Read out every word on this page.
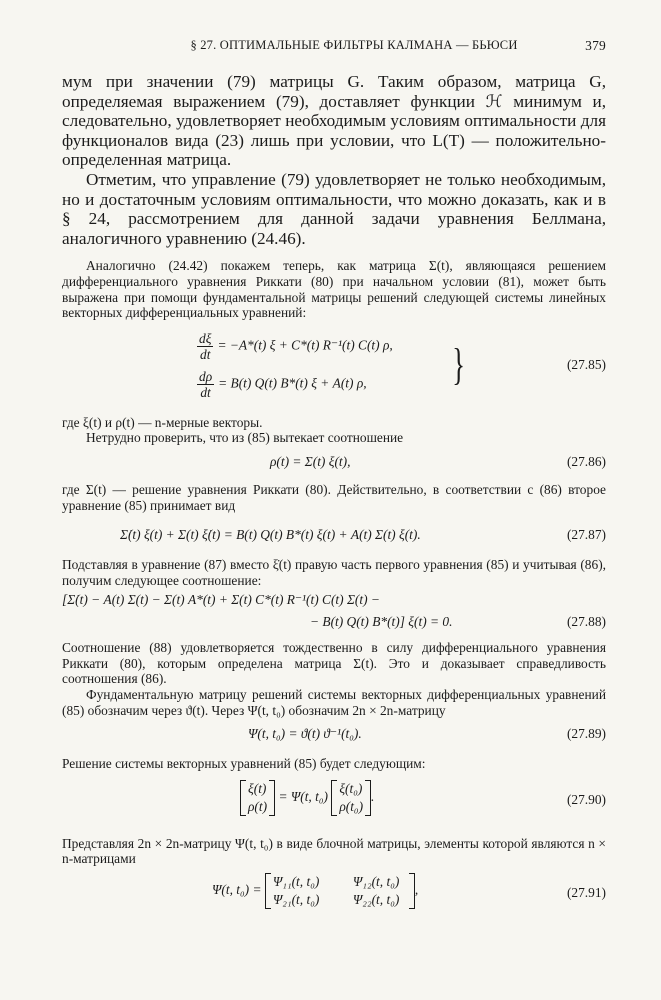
§ 27. ОПТИМАЛЬНЫЕ ФИЛЬТРЫ КАЛМАНА — БЬЮСИ	379

мум при значении (79) матрицы G. Таким образом, матрица G, определяемая выражением (79), доставляет функции ℋ минимум и, следовательно, удовлетворяет необходимым условиям оптимальности для функционалов вида (23) лишь при условии, что L(T) — положительно-определенная матрица.

Отметим, что управление (79) удовлетворяет не только необходимым, но и достаточным условиям оптимальности, что можно доказать, как и в § 24, рассмотрением для данной задачи уравнения Беллмана, аналогичного уравнению (24.46).

Аналогично (24.42) покажем теперь, как матрица Σ(t), являющаяся решением дифференциального уравнения Риккати (80) при начальном условии (81), может быть выражена при помощи фундаментальной матрицы решений следующей системы линейных векторных дифференциальных уравнений:

$\frac{d\xi}{dt} = -A*(t) \xi + C*(t)$ R⁻¹(t) C(t) ρ,
$\frac{d\rho}{dt} = B(t)$ Q(t) B*(t) ξ + A(t) ρ, }	(27.85)

где ξ(t) и ρ(t) — n-мерные векторы.

Нетрудно проверить, что из (85) вытекает соотношение

ρ(t) = Σ(t) ξ(t),	(27.86)

где Σ(t) — решение уравнения Риккати (80). Действительно, в соответствии с (86) второе уравнение (85) принимает вид

Σ̇(t) ξ(t) + Σ(t) ξ̇(t) = B(t) Q(t) B*(t) ξ(t) + A(t) Σ(t) ξ(t).	(27.87)

Подставляя в уравнение (87) вместо ξ̇(t) правую часть первого уравнения (85) и учитывая (86), получим следующее соотношение:

[Σ̇(t) − A(t) Σ(t) − Σ(t) A*(t) + Σ(t) C*(t) R⁻¹(t) C(t) Σ(t) −
− B(t) Q(t) B*(t)] ξ(t) = 0.	(27.88)

Соотношение (88) удовлетворяется тождественно в силу дифференциального уравнения Риккати (80), которым определена матрица Σ(t). Это и доказывает справедливость соотношения (86).

Фундаментальную матрицу решений системы векторных дифференциальных уравнений (85) обозначим через ϑ(t). Через Ψ(t, t₀) обозначим 2n × 2n-матрицу

Ψ(t, t₀) = ϑ(t) ϑ⁻¹(t₀).	(27.89)

Решение системы векторных уравнений (85) будет следующим:

ξ(t)
ρ(t)
= Ψ(t, t₀)
ξ(t₀)
ρ(t₀)
.	(27.90)

Представляя 2n × 2n-матрицу Ψ(t, t₀) в виде блочной матрицы, элементы которой являются n × n-матрицами

Ψ(t, t₀) =
Ψ₁₁(t, t₀)	Ψ₁₂(t, t₀)
Ψ₂₁(t, t₀)	Ψ₂₂(t, t₀)
,	(27.91)
